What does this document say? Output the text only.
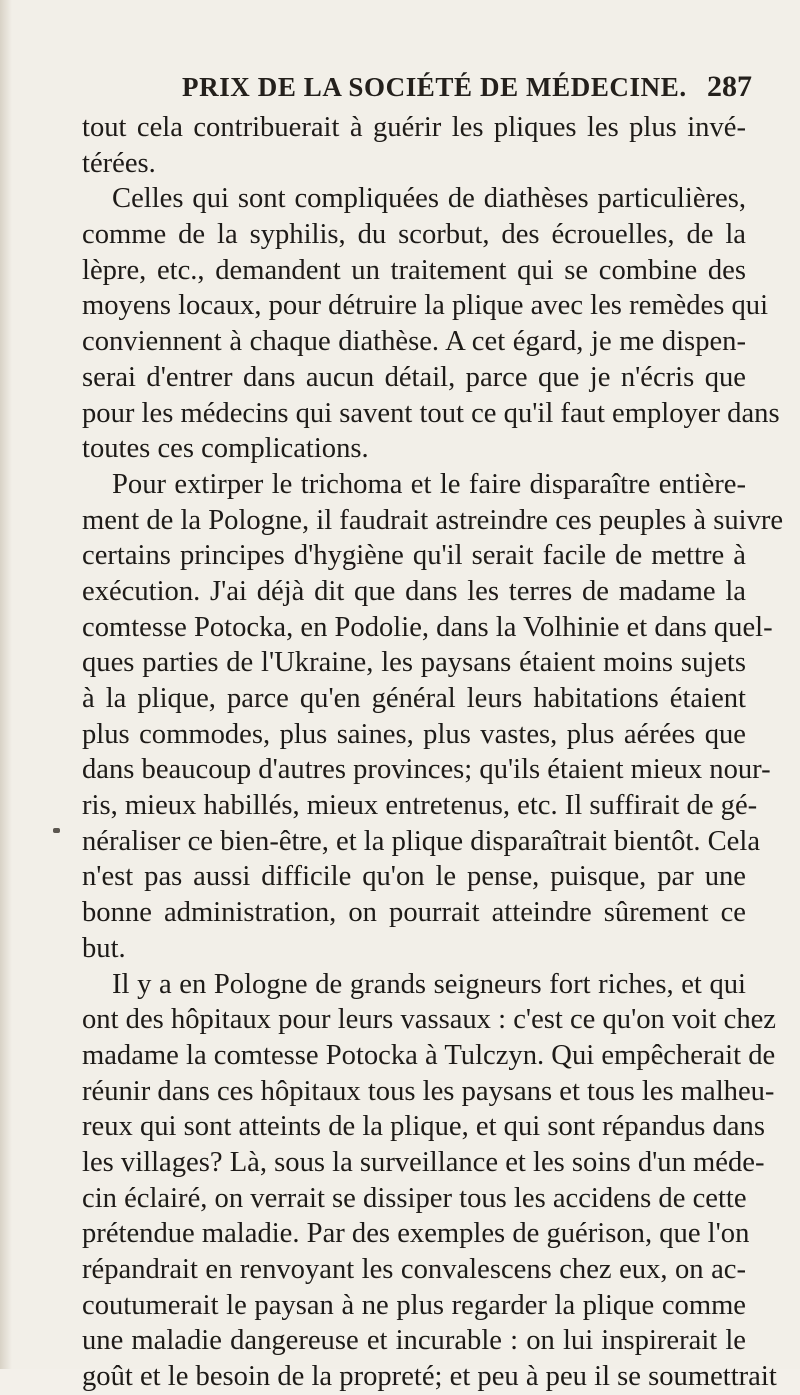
PRIX DE LA SOCIÉTÉ DE MÉDECINE. 287
tout cela contribuerait à guérir les pliques les plus invé-
térées.
Celles qui sont compliquées de diathèses particulières,
comme de la syphilis, du scorbut, des écrouelles, de la
lèpre, etc., demandent un traitement qui se combine des
moyens locaux, pour détruire la plique avec les remèdes qui
conviennent à chaque diathèse. A cet égard, je me dispen-
serai d'entrer dans aucun détail, parce que je n'écris que
pour les médecins qui savent tout ce qu'il faut employer dans
toutes ces complications.
Pour extirper le trichoma et le faire disparaître entière-
ment de la Pologne, il faudrait astreindre ces peuples à suivre
certains principes d'hygiène qu'il serait facile de mettre à
exécution. J'ai déjà dit que dans les terres de madame la
comtesse Potocka, en Podolie, dans la Volhinie et dans quel-
ques parties de l'Ukraine, les paysans étaient moins sujets
à la plique, parce qu'en général leurs habitations étaient
plus commodes, plus saines, plus vastes, plus aérées que
dans beaucoup d'autres provinces; qu'ils étaient mieux nour-
ris, mieux habillés, mieux entretenus, etc. Il suffirait de gé-
néraliser ce bien-être, et la plique disparaîtrait bientôt. Cela
n'est pas aussi difficile qu'on le pense, puisque, par une
bonne administration, on pourrait atteindre sûrement ce
but.
Il y a en Pologne de grands seigneurs fort riches, et qui
ont des hôpitaux pour leurs vassaux : c'est ce qu'on voit chez
madame la comtesse Potocka à Tulczyn. Qui empêcherait de
réunir dans ces hôpitaux tous les paysans et tous les malheu-
reux qui sont atteints de la plique, et qui sont répandus dans
les villages? Là, sous la surveillance et les soins d'un méde-
cin éclairé, on verrait se dissiper tous les accidens de cette
prétendue maladie. Par des exemples de guérison, que l'on
répandrait en renvoyant les convalescens chez eux, on ac-
coutumerait le paysan à ne plus regarder la plique comme
une maladie dangereuse et incurable : on lui inspirerait le
goût et le besoin de la propreté; et peu à peu il se soumettrait
